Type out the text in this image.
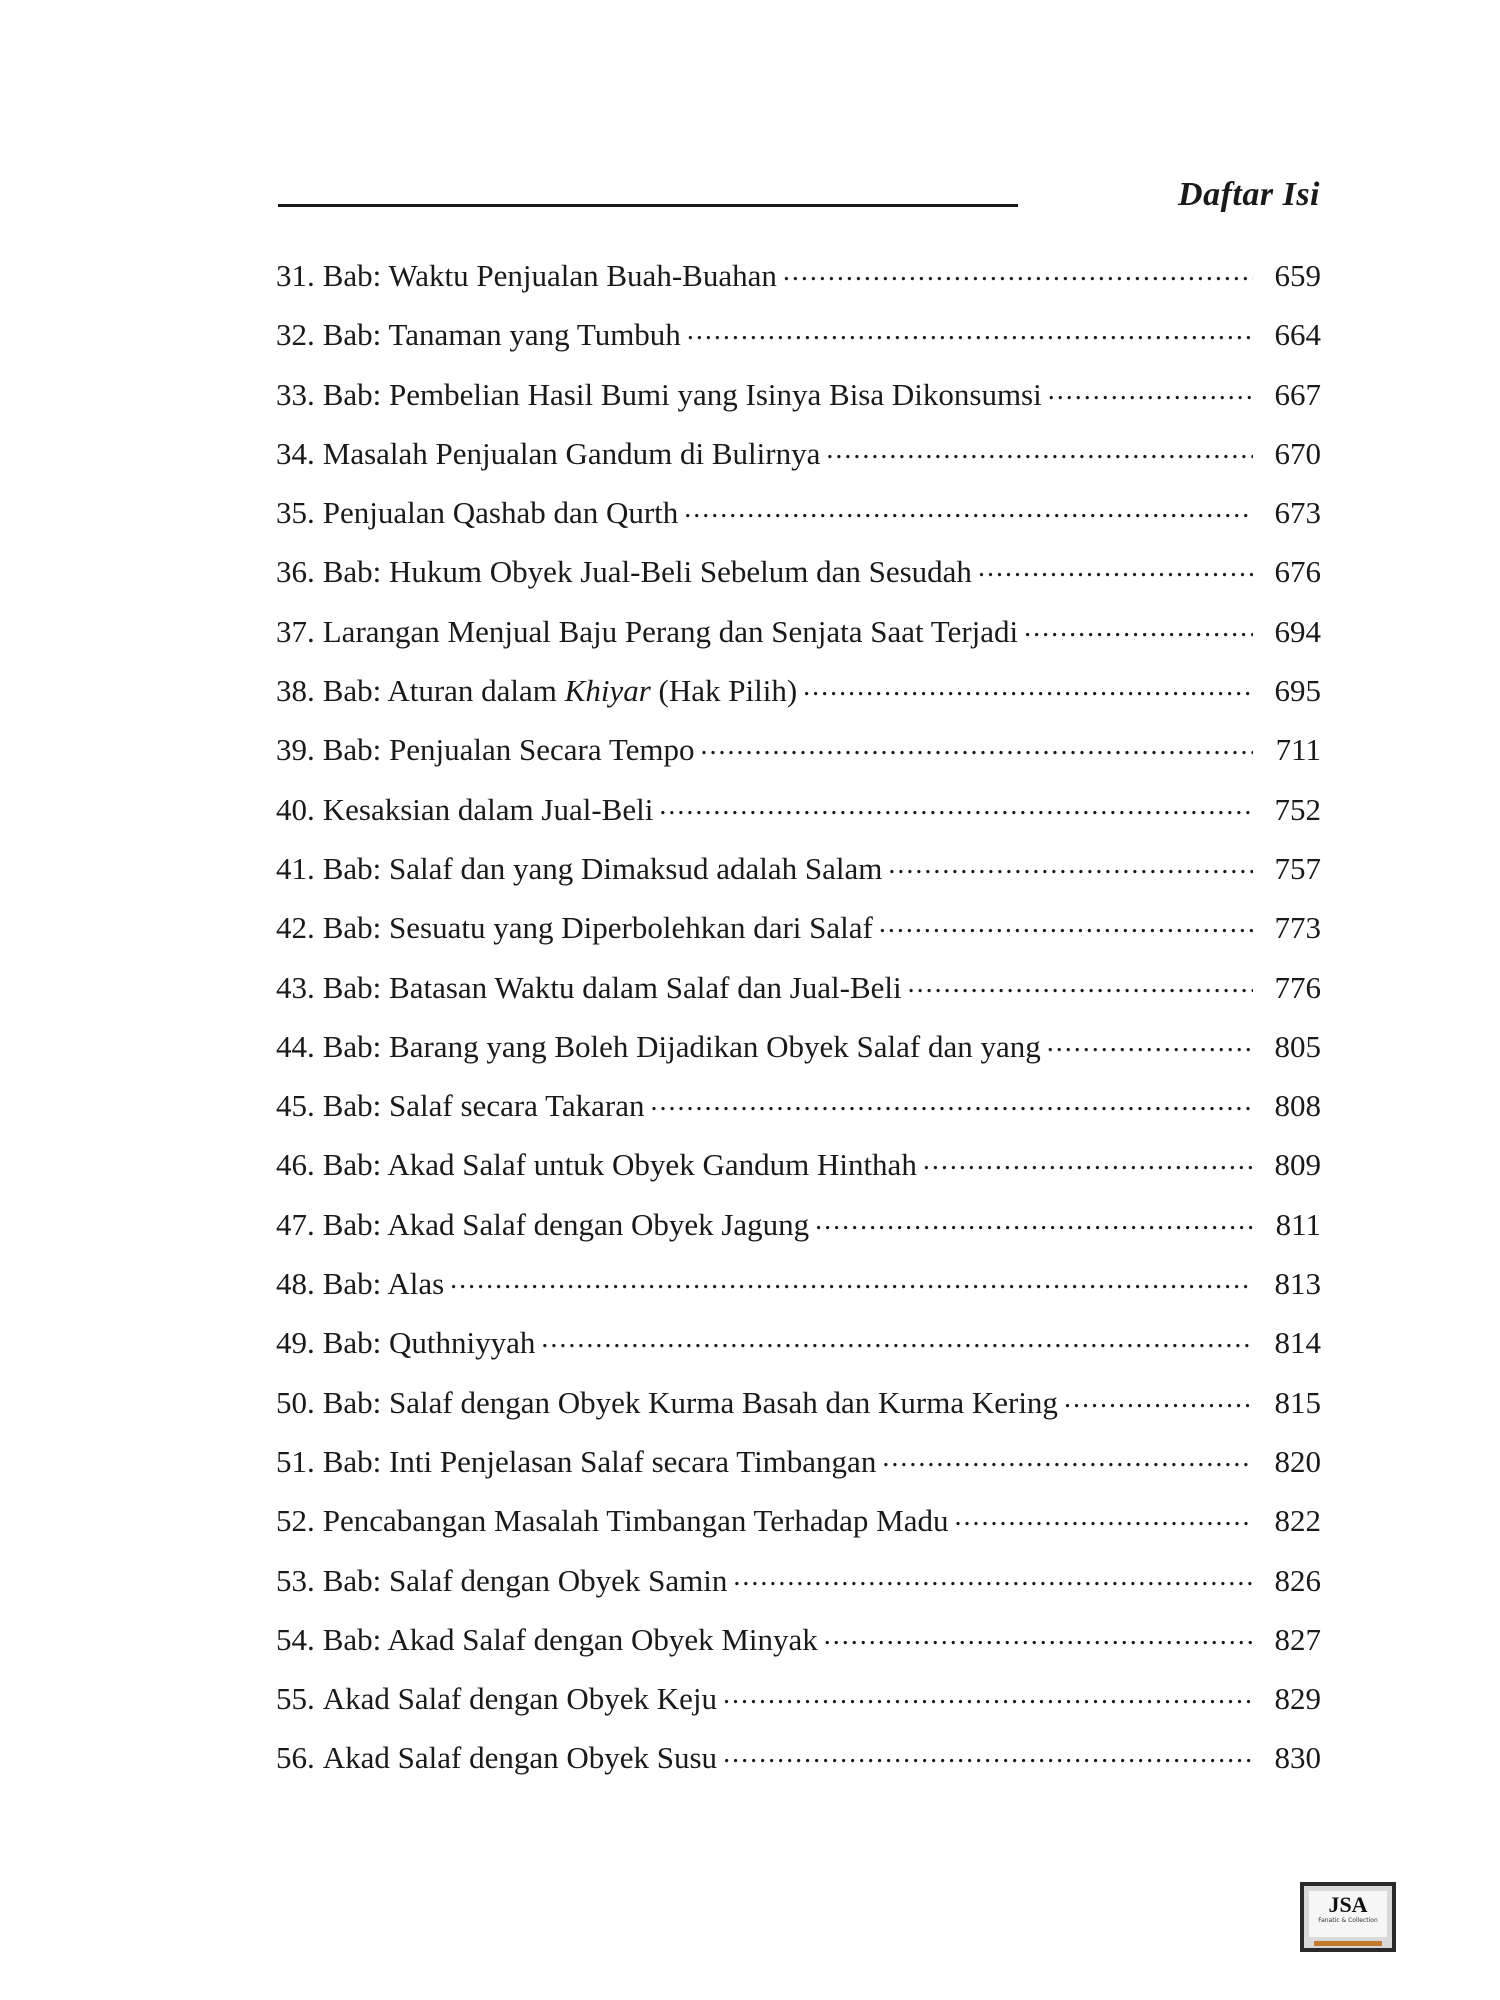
Daftar Isi
31. Bab: Waktu Penjualan Buah-Buahan .....	659
32. Bab: Tanaman yang Tumbuh .....	664
33. Bab: Pembelian Hasil Bumi yang Isinya Bisa Dikonsumsi .....	667
34. Masalah Penjualan Gandum di Bulirnya .....	670
35. Penjualan Qashab dan Qurth .....	673
36. Bab: Hukum Obyek Jual-Beli Sebelum dan Sesudah .....	676
37. Larangan Menjual Baju Perang dan Senjata Saat Terjadi .....	694
38. Bab: Aturan dalam Khiyar (Hak Pilih) .....	695
39. Bab: Penjualan Secara Tempo .....	711
40. Kesaksian dalam Jual-Beli .....	752
41. Bab: Salaf dan yang Dimaksud adalah Salam .....	757
42. Bab: Sesuatu yang Diperbolehkan dari Salaf .....	773
43. Bab: Batasan Waktu dalam Salaf dan Jual-Beli .....	776
44. Bab: Barang yang Boleh Dijadikan Obyek Salaf dan yang .....	805
45. Bab: Salaf secara Takaran .....	808
46. Bab: Akad Salaf untuk Obyek Gandum Hinthah .....	809
47. Bab: Akad Salaf dengan Obyek Jagung .....	811
48. Bab: Alas .....	813
49. Bab: Quthniyyah .....	814
50. Bab: Salaf dengan Obyek Kurma Basah dan Kurma Kering .....	815
51. Bab: Inti Penjelasan Salaf secara Timbangan .....	820
52. Pencabangan Masalah Timbangan Terhadap Madu .....	822
53. Bab: Salaf dengan Obyek Samin .....	826
54. Bab: Akad Salaf dengan Obyek Minyak .....	827
55. Akad Salaf dengan Obyek Keju .....	829
56. Akad Salaf dengan Obyek Susu .....	830
JSA
Fanatic & Collection
